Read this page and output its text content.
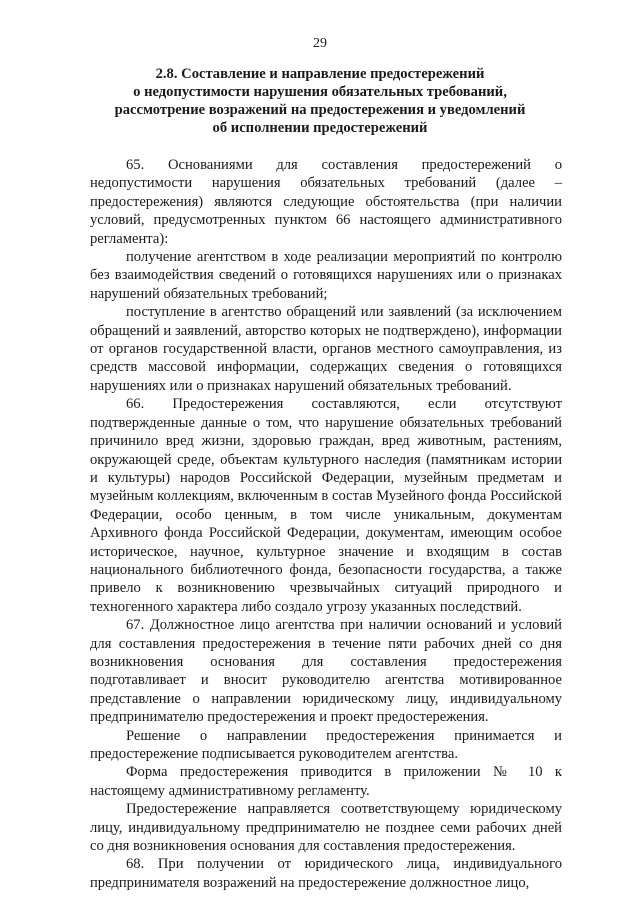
29
2.8. Составление и направление предостережений
о недопустимости нарушения обязательных требований,
рассмотрение возражений на предостережения и уведомлений
об исполнении предостережений

65. Основаниями для составления предостережений о недопустимости нарушения обязательных требований (далее – предостережения) являются следующие обстоятельства (при наличии условий, предусмотренных пунктом 66 настоящего административного регламента):

получение агентством в ходе реализации мероприятий по контролю без взаимодействия сведений о готовящихся нарушениях или о признаках нарушений обязательных требований;

поступление в агентство обращений или заявлений (за исключением обращений и заявлений, авторство которых не подтверждено), информации от органов государственной власти, органов местного самоуправления, из средств массовой информации, содержащих сведения о готовящихся нарушениях или о признаках нарушений обязательных требований.

66. Предостережения составляются, если отсутствуют подтвержденные данные о том, что нарушение обязательных требований причинило вред жизни, здоровью граждан, вред животным, растениям, окружающей среде, объектам культурного наследия (памятникам истории и культуры) народов Российской Федерации, музейным предметам и музейным коллекциям, включенным в состав Музейного фонда Российской Федерации, особо ценным, в том числе уникальным, документам Архивного фонда Российской Федерации, документам, имеющим особое историческое, научное, культурное значение и входящим в состав национального библиотечного фонда, безопасности государства, а также привело к возникновению чрезвычайных ситуаций природного и техногенного характера либо создало угрозу указанных последствий.

67. Должностное лицо агентства при наличии оснований и условий для составления предостережения в течение пяти рабочих дней со дня возникновения основания для составления предостережения подготавливает и вносит руководителю агентства мотивированное представление о направлении юридическому лицу, индивидуальному предпринимателю предостережения и проект предостережения.

Решение о направлении предостережения принимается и предостережение подписывается руководителем агентства.

Форма предостережения приводится в приложении № 10 к настоящему административному регламенту.

Предостережение направляется соответствующему юридическому лицу, индивидуальному предпринимателю не позднее семи рабочих дней со дня возникновения основания для составления предостережения.

68. При получении от юридического лица, индивидуального предпринимателя возражений на предостережение должностное лицо,
